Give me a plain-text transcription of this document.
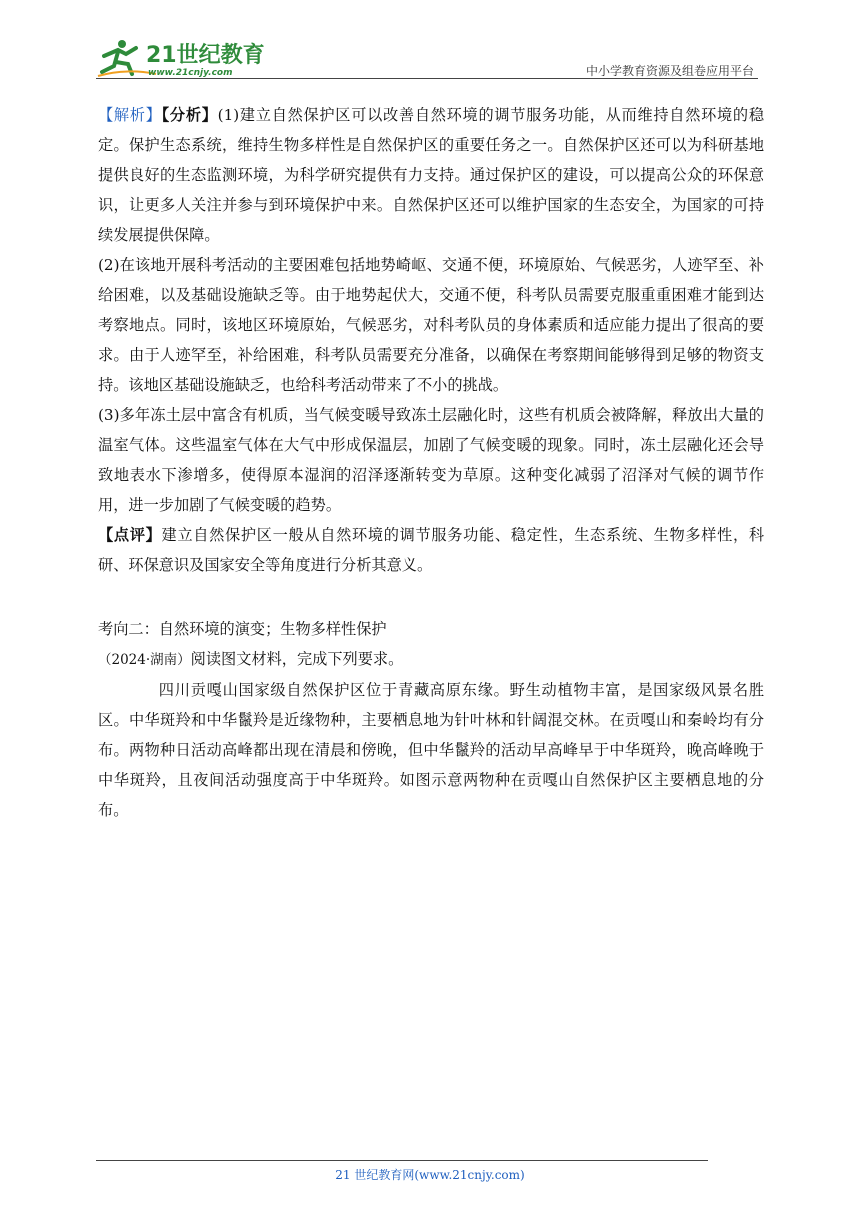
21世纪教育
www.21cnjy.com	中小学教育资源及组卷应用平台

【解析】【分析】(1)建立自然保护区可以改善自然环境的调节服务功能，从而维持自然环境的稳定。保护生态系统，维持生物多样性是自然保护区的重要任务之一。自然保护区还可以为科研基地提供良好的生态监测环境，为科学研究提供有力支持。通过保护区的建设，可以提高公众的环保意识，让更多人关注并参与到环境保护中来。自然保护区还可以维护国家的生态安全，为国家的可持续发展提供保障。

(2)在该地开展科考活动的主要困难包括地势崎岖、交通不便，环境原始、气候恶劣，人迹罕至、补给困难，以及基础设施缺乏等。由于地势起伏大，交通不便，科考队员需要克服重重困难才能到达考察地点。同时，该地区环境原始，气候恶劣，对科考队员的身体素质和适应能力提出了很高的要求。由于人迹罕至，补给困难，科考队员需要充分准备，以确保在考察期间能够得到足够的物资支持。该地区基础设施缺乏，也给科考活动带来了不小的挑战。

(3)多年冻土层中富含有机质，当气候变暖导致冻土层融化时，这些有机质会被降解，释放出大量的温室气体。这些温室气体在大气中形成保温层，加剧了气候变暖的现象。同时，冻土层融化还会导致地表水下渗增多，使得原本湿润的沼泽逐渐转变为草原。这种变化减弱了沼泽对气候的调节作用，进一步加剧了气候变暖的趋势。

【点评】建立自然保护区一般从自然环境的调节服务功能、稳定性，生态系统、生物多样性，科研、环保意识及国家安全等角度进行分析其意义。

考向二：自然环境的演变；生物多样性保护

（2024·湖南）阅读图文材料，完成下列要求。

四川贡嘎山国家级自然保护区位于青藏高原东缘。野生动植物丰富，是国家级风景名胜区。中华斑羚和中华鬣羚是近缘物种，主要栖息地为针叶林和针阔混交林。在贡嘎山和秦岭均有分布。两物种日活动高峰都出现在清晨和傍晚，但中华鬣羚的活动早高峰早于中华斑羚，晚高峰晚于中华斑羚，且夜间活动强度高于中华斑羚。如图示意两物种在贡嘎山自然保护区主要栖息地的分布。

21 世纪教育网(www.21cnjy.com)
